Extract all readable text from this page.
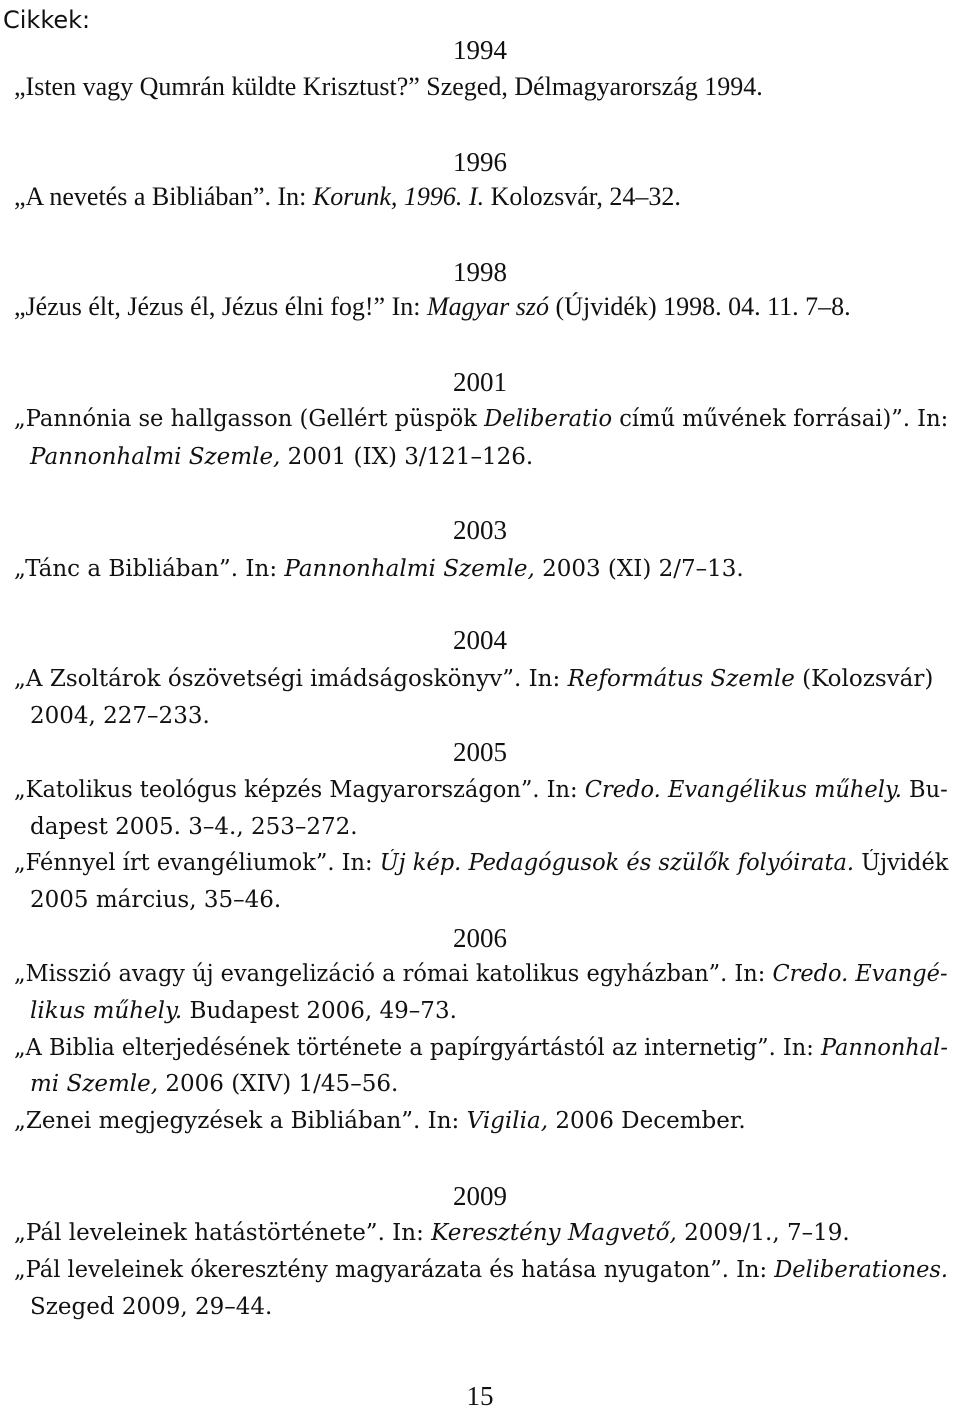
Cikkek:
1994
„Isten vagy Qumrán küldte Krisztust?” Szeged, Délmagyarország 1994.
1996
„A nevetés a Bibliában”. In: Korunk, 1996. I. Kolozsvár, 24–32.
1998
„Jézus élt, Jézus él, Jézus élni fog!” In: Magyar szó (Újvidék) 1998. 04. 11. 7–8.
2001
„Pannónia se hallgasson (Gellért püspök Deliberatio című művének forrásai)”. In:
Pannonhalmi Szemle, 2001 (IX) 3/121–126.
2003
„Tánc a Bibliában”. In: Pannonhalmi Szemle, 2003 (XI) 2/7–13.
2004
„A Zsoltárok ószövetségi imádságoskönyv”. In: Református Szemle (Kolozsvár)
2004, 227–233.
2005
„Katolikus teológus képzés Magyarországon”. In: Credo. Evangélikus műhely. Bu-
dapest 2005. 3–4., 253–272.
„Fénnyel írt evangéliumok”. In: Új kép. Pedagógusok és szülők folyóirata. Újvidék
2005 március, 35–46.
2006
„Misszió avagy új evangelizáció a római katolikus egyházban”. In: Credo. Evangé-
likus műhely. Budapest 2006, 49–73.
„A Biblia elterjedésének története a papírgyártástól az internetig”. In: Pannonhal-
mi Szemle, 2006 (XIV) 1/45–56.
„Zenei megjegyzések a Bibliában”. In: Vigilia, 2006 December.
2009
„Pál leveleinek hatástörténete”. In: Keresztény Magvető, 2009/1., 7–19.
„Pál leveleinek ókeresztény magyarázata és hatása nyugaton”. In: Deliberationes.
Szeged 2009, 29–44.
15
